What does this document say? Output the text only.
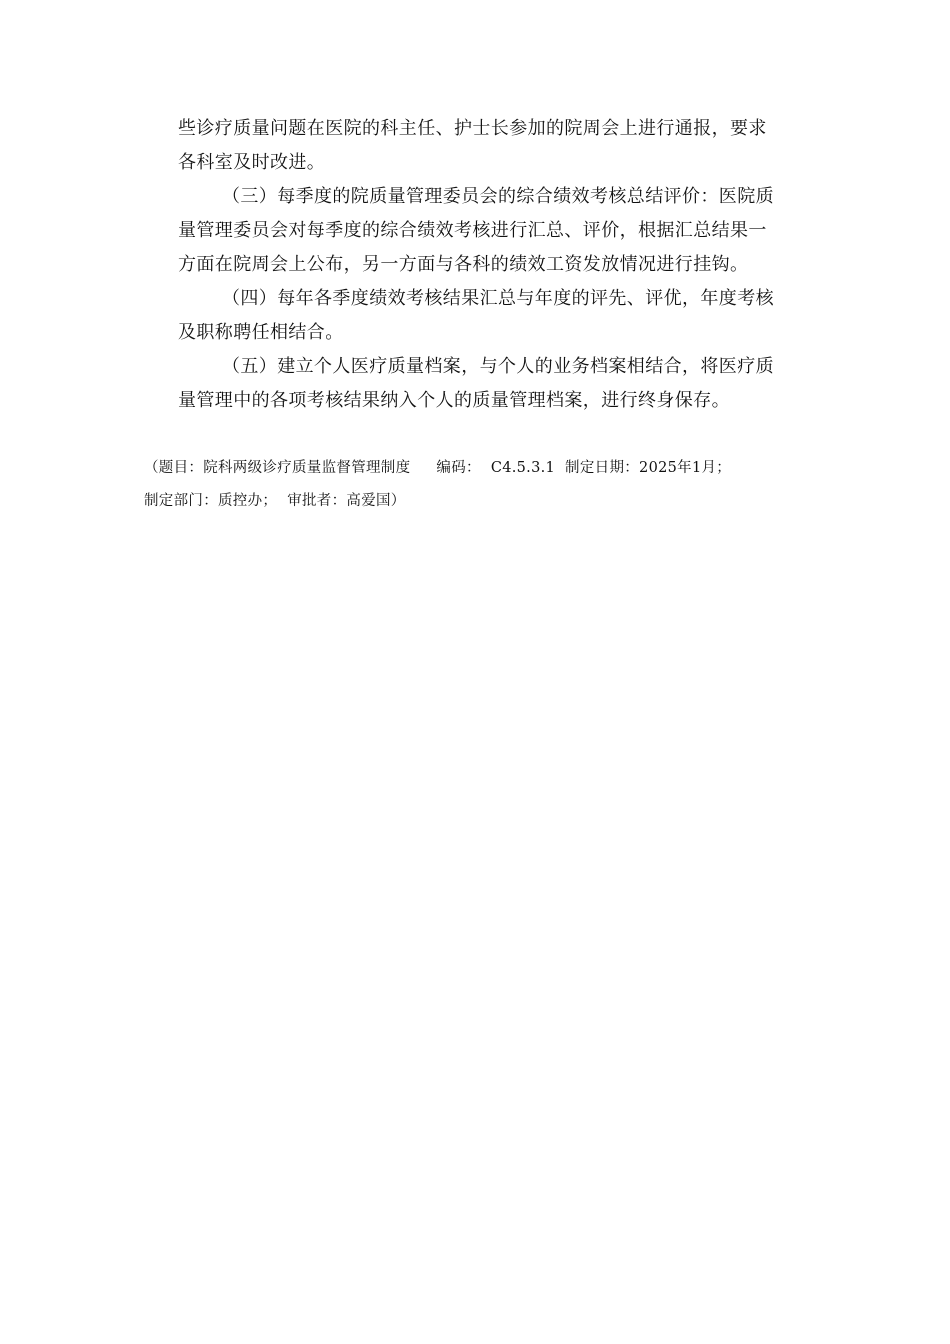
些诊疗质量问题在医院的科主任、护士长参加的院周会上进行通报，要求
各科室及时改进。

（三）每季度的院质量管理委员会的综合绩效考核总结评价：医院质
量管理委员会对每季度的综合绩效考核进行汇总、评价，根据汇总结果一
方面在院周会上公布，另一方面与各科的绩效工资发放情况进行挂钩。

（四）每年各季度绩效考核结果汇总与年度的评先、评优，年度考核
及职称聘任相结合。

（五）建立个人医疗质量档案，与个人的业务档案相结合，将医疗质
量管理中的各项考核结果纳入个人的质量管理档案，进行终身保存。

（题目：院科两级诊疗质量监督管理制度 编码： C4.5.3.1 制定日期：2025年1月；
制定部门：质控办； 审批者：高爱国）
